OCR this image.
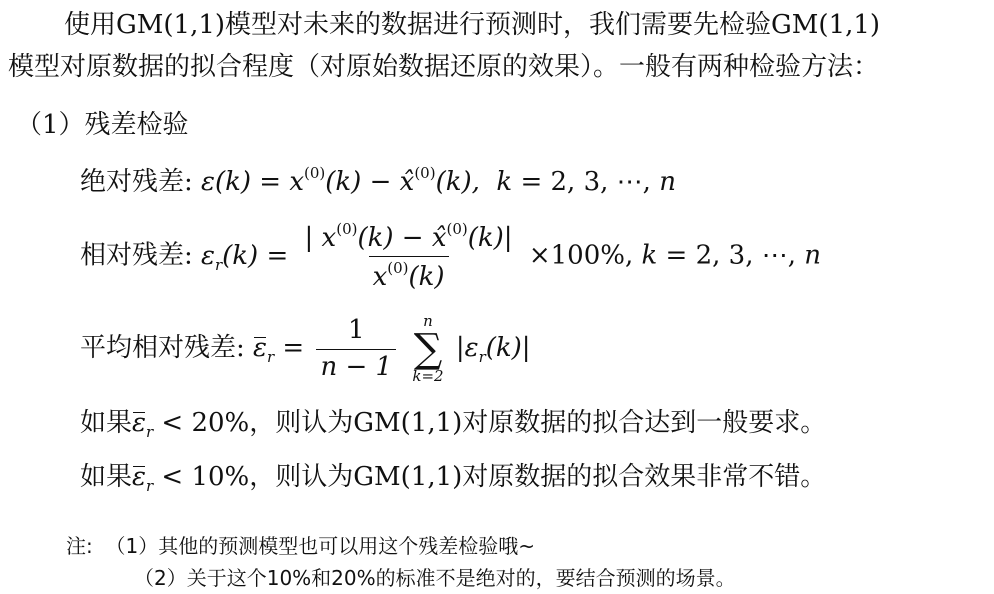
使用GM(1,1)模型对未来的数据进行预测时，我们需要先检验GM(1,1)
模型对原数据的拟合程度（对原始数据还原的效果）。一般有两种检验方法：
（1）残差检验
绝对残差: $\varepsilon(k) = x^{(0)}(k)$ − x̂$^{(0)}$(k),  k = 2, 3, ⋯, n
相对残差: $\varepsilon_r(k) = \frac{| x^{(0)}(k) - x̂^{(0)}(k)|}{x^{(0)}(k)} \times 100\%$, k = 2, 3, ⋯, n
平均相对残差: $\varepsilon_r = \frac{1}{n - 1}$
n
∑
k=2
$|\varepsilon_r(k)|$
如果$\varepsilon_r < 20\%$，则认为GM(1,1)对原数据的拟合达到一般要求。
如果$\varepsilon_r < 10\%$，则认为GM(1,1)对原数据的拟合效果非常不错。
注: （1）其他的预测模型也可以用这个残差检验哦~
（2）关于这个10%和20%的标准不是绝对的，要结合预测的场景。
